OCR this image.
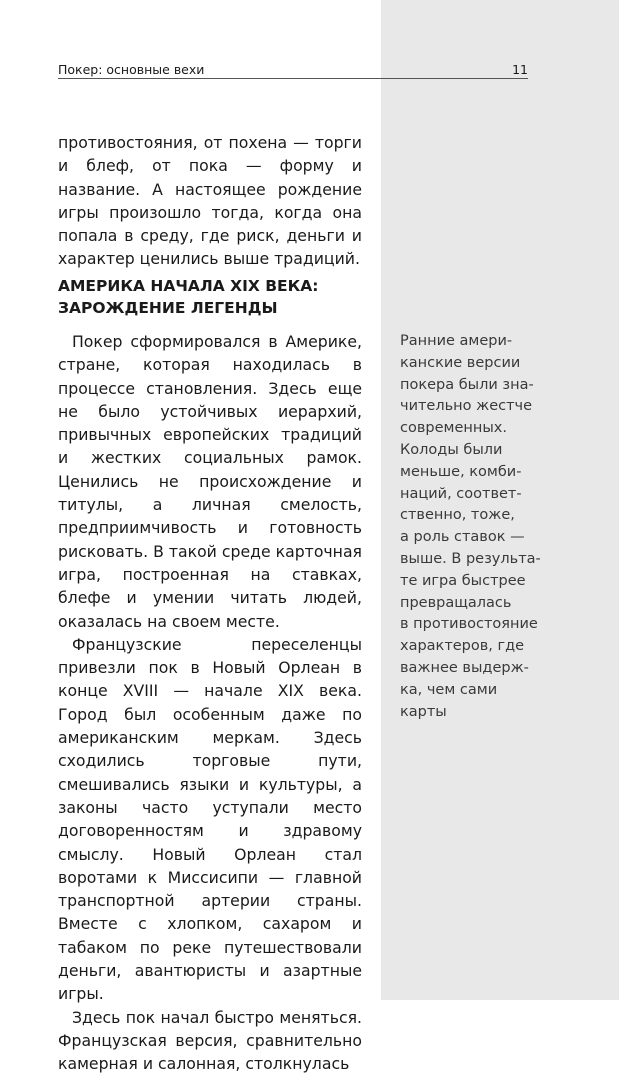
Покер: основные вехи	11

противостояния, от похена — торги и блеф, от пока — форму и название. А настоящее рождение игры произошло тогда, когда она попала в среду, где риск, деньги и характер ценились выше традиций.

АМЕРИКА НАЧАЛА XIX ВЕКА: ЗАРОЖДЕНИЕ ЛЕГЕНДЫ

Покер сформировался в Америке, стране, которая находилась в процессе становления. Здесь еще не было устойчивых иерархий, привычных европейских традиций и жестких социальных рамок. Ценились не происхождение и титулы, а личная смелость, предприимчивость и готовность рисковать. В такой среде карточная игра, построенная на ставках, блефе и умении читать людей, оказалась на своем месте.

Французские переселенцы привезли пок в Новый Орлеан в конце XVIII — начале XIX века. Город был особенным даже по американским меркам. Здесь сходились торговые пути, смешивались языки и культуры, а законы часто уступали место договоренностям и здравому смыслу. Новый Орлеан стал воротами к Миссисипи — главной транспортной артерии страны. Вместе с хлопком, сахаром и табаком по реке путешествовали деньги, авантюристы и азартные игры.

Здесь пок начал быстро меняться. Французская версия, сравнительно камерная и салонная, столкнулась

Ранние амери-
канские версии
покера были зна-
чительно жестче
современных.
Колоды были
меньше, комби-
наций, соответ-
ственно, тоже,
а роль ставок —
выше. В результа-
те игра быстрее
превращалась
в противостояние
характеров, где
важнее выдерж-
ка, чем сами
карты
